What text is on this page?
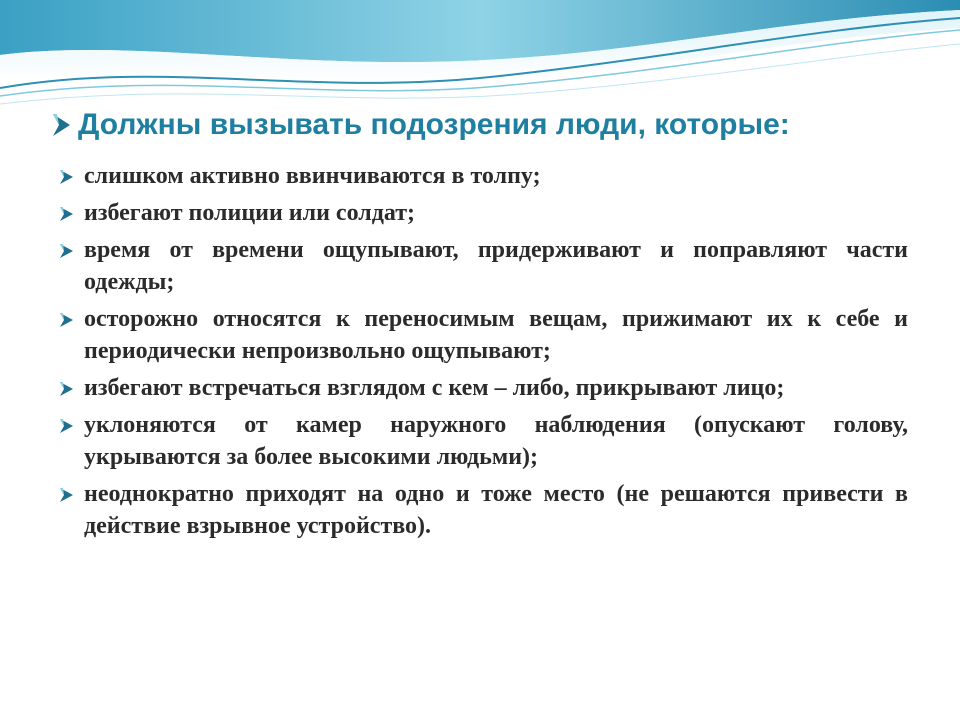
Должны вызывать подозрения люди, которые:
слишком активно ввинчиваются в толпу;
избегают полиции или солдат;
время от времени ощупывают, придерживают и поправляют части одежды;
осторожно относятся к переносимым вещам, прижимают их к себе и периодически непроизвольно ощупывают;
избегают встречаться взглядом с кем – либо, прикрывают лицо;
уклоняются от камер наружного наблюдения (опускают голову, укрываются за более высокими людьми);
неоднократно приходят на одно и тоже место (не решаются привести в действие взрывное устройство).
